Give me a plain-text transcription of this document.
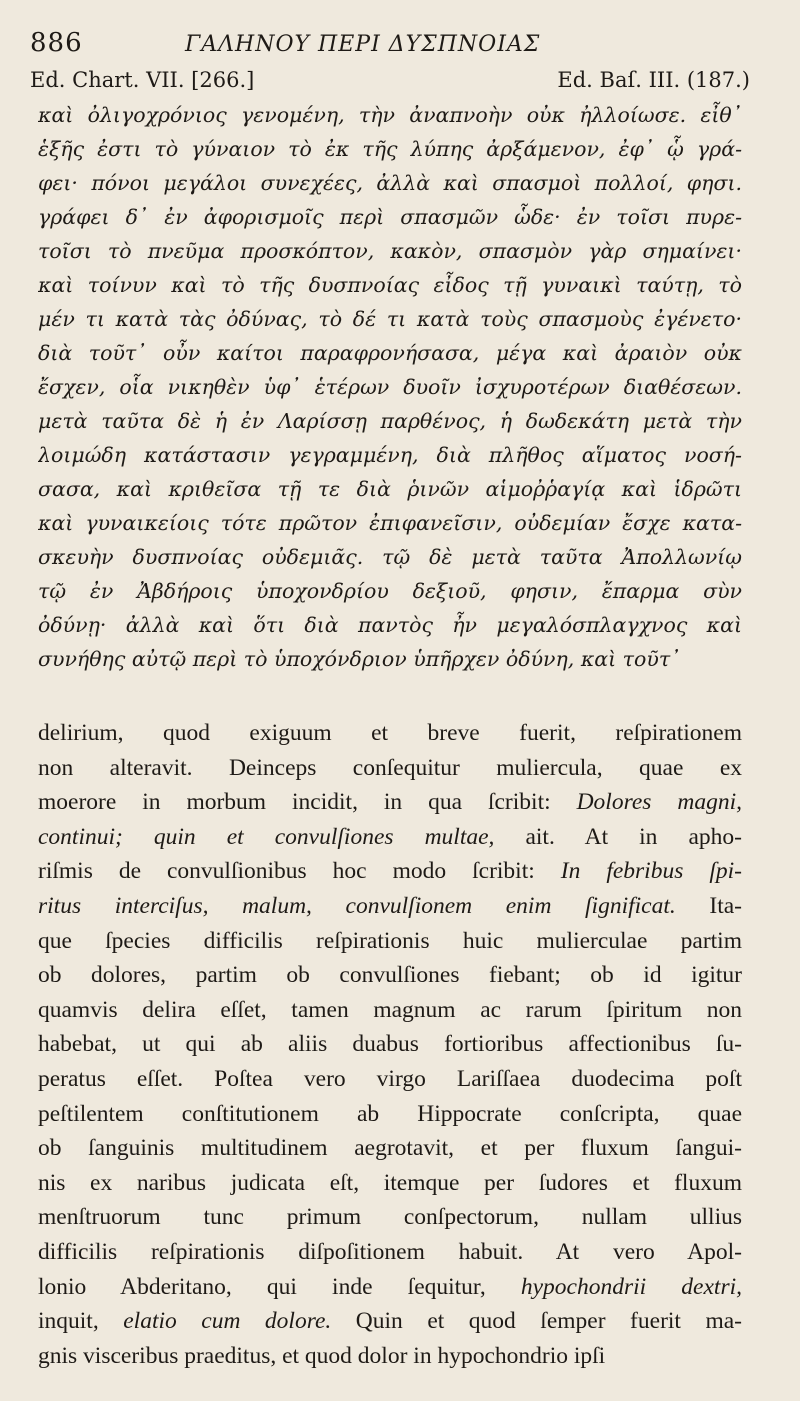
886	ΓΑΛΗΝΟΥ ΠΕΡΙ ΔΥΣΠΝΟΙΑΣ
Ed. Chart. VII. [266.]	Ed. Baſ. III. (187.)
καὶ ὀλιγοχρόνιος γενομένη, τὴν ἀναπνοὴν οὐκ ἠλλοίωσε. εἶθ᾽
ἑξῆς ἐστι τὸ γύναιον τὸ ἐκ τῆς λύπης ἀρξάμενον, ἐφ᾽ ᾧ γρά-
φει· πόνοι μεγάλοι συνεχέες, ἀλλὰ καὶ σπασμοὶ πολλοί, φησι.
γράφει δ᾽ ἐν ἀφορισμοῖς περὶ σπασμῶν ὧδε· ἐν τοῖσι πυρε-
τοῖσι τὸ πνεῦμα προσκόπτον, κακὸν, σπασμὸν γὰρ σημαίνει·
καὶ τοίνυν καὶ τὸ τῆς δυσπνοίας εἶδος τῇ γυναικὶ ταύτῃ, τὸ
μέν τι κατὰ τὰς ὀδύνας, τὸ δέ τι κατὰ τοὺς σπασμοὺς ἐγένετο·
διὰ τοῦτ᾽ οὖν καίτοι παραφρονήσασα, μέγα καὶ ἀραιὸν οὐκ
ἔσχεν, οἷα νικηθὲν ὑφ᾽ ἑτέρων δυοῖν ἰσχυροτέρων διαθέσεων.
μετὰ ταῦτα δὲ ἡ ἐν Λαρίσσῃ παρθένος, ἡ δωδεκάτη μετὰ τὴν
λοιμώδη κατάστασιν γεγραμμένη, διὰ πλῆθος αἵματος νοσή-
σασα, καὶ κριθεῖσα τῇ τε διὰ ῥινῶν αἱμοῤῥαγίᾳ καὶ ἱδρῶτι
καὶ γυναικείοις τότε πρῶτον ἐπιφανεῖσιν, οὐδεμίαν ἔσχε κατα-
σκευὴν δυσπνοίας οὐδεμιᾶς. τῷ δὲ μετὰ ταῦτα Ἀπολλωνίῳ
τῷ ἐν Ἀβδήροις ὑποχονδρίου δεξιοῦ, φησιν, ἔπαρμα σὺν
ὀδύνῃ· ἀλλὰ καὶ ὅτι διὰ παντὸς ἦν μεγαλόσπλαγχνος καὶ
συνήθης αὐτῷ περὶ τὸ ὑποχόνδριον ὑπῆρχεν ὀδύνη, καὶ τοῦτ᾽
delirium, quod exiguum et breve fuerit, reſpirationem
non alteravit. Deinceps conſequitur muliercula, quae ex
moerore in morbum incidit, in qua ſcribit: Dolores magni,
continui; quin et convulſiones multae, ait. At in apho-
riſmis de convulſionibus hoc modo ſcribit: In febribus ſpi-
ritus interciſus, malum, convulſionem enim ſignificat. Ita-
que ſpecies difficilis reſpirationis huic mulierculae partim
ob dolores, partim ob convulſiones fiebant; ob id igitur
quamvis delira eſſet, tamen magnum ac rarum ſpiritum non
habebat, ut qui ab aliis duabus fortioribus affectionibus ſu-
peratus eſſet. Poſtea vero virgo Lariſſaea duodecima poſt
peſtilentem conſtitutionem ab Hippocrate conſcripta, quae
ob ſanguinis multitudinem aegrotavit, et per fluxum ſangui-
nis ex naribus judicata eſt, itemque per ſudores et fluxum
menſtruorum tunc primum conſpectorum, nullam ullius
difficilis reſpirationis diſpoſitionem habuit. At vero Apol-
lonio Abderitano, qui inde ſequitur, hypochondrii dextri,
inquit, elatio cum dolore. Quin et quod ſemper fuerit ma-
gnis visceribus praeditus, et quod dolor in hypochondrio ipſi
